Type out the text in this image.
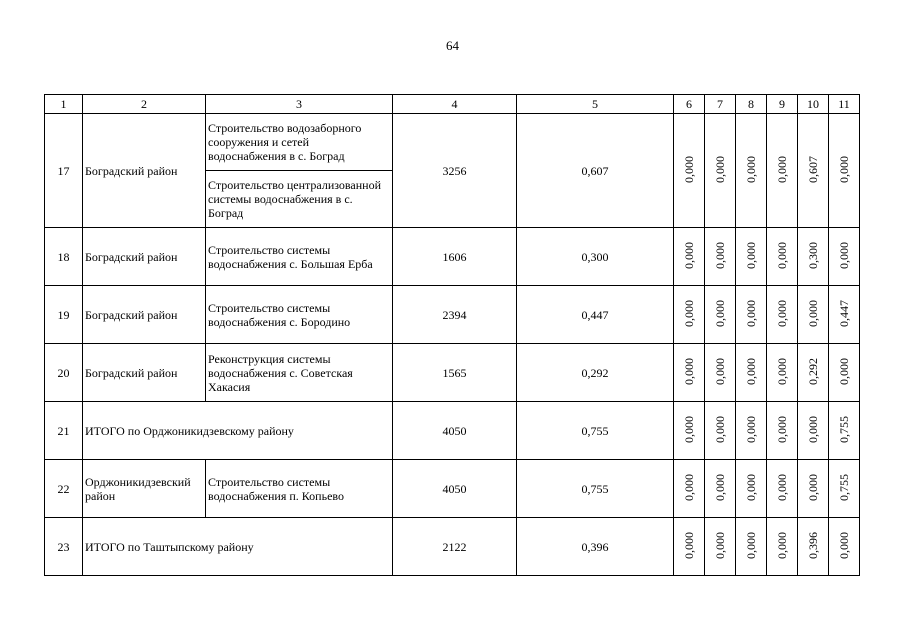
64
1	2	3	4	5	6	7	8	9	10	11
17	Боградский район	Строительство водозаборного сооружения и сетей водоснабжения в с. Боград	3256	0,607	0,000	0,000	0,000	0,000	0,607	0,000
		Строительство централизованной системы водоснабжения в с. Боград								
18	Боградский район	Строительство системы водоснабжения с. Большая Ерба	1606	0,300	0,000	0,000	0,000	0,000	0,300	0,000
19	Боградский район	Строительство системы водоснабжения с. Бородино	2394	0,447	0,000	0,000	0,000	0,000	0,000	0,447
20	Боградский район	Реконструкция системы водоснабжения с. Советская Хакасия	1565	0,292	0,000	0,000	0,000	0,000	0,292	0,000
21	ИТОГО по Орджоникидзевскому району		4050	0,755	0,000	0,000	0,000	0,000	0,000	0,755
22	Орджоникидзевский район	Строительство системы водоснабжения п. Копьево	4050	0,755	0,000	0,000	0,000	0,000	0,000	0,755
23	ИТОГО по Таштыпскому району		2122	0,396	0,000	0,000	0,000	0,000	0,396	0,000
